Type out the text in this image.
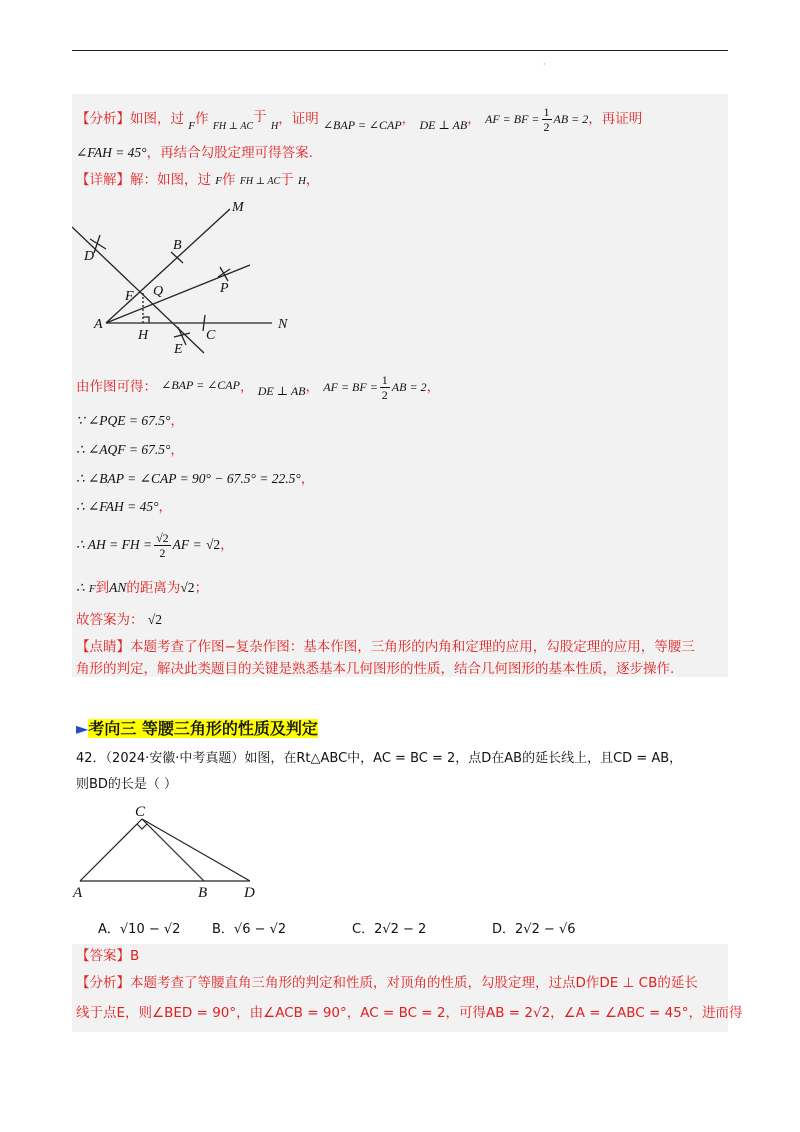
·
【分析】如图，过 $_F$作 $_{FH \perp AC}$于 $_H$，证明 ∠BAP = ∠CAP， DE ⊥ AB， AF = BF = $\frac{1}{2}$ AB = 2，再证明
∠FAH = 45°，再结合勾股定理可得答案.
【详解】解：如图，过 F作 FH ⊥ AC于 H，
M
B
D
F Q	P
A
H	C
N
E
由作图可得： ∠BAP = ∠CAP， DE ⊥ AB， AF = BF = $\frac{1}{2}$ AB = 2，
∵ ∠PQE = 67.5°，
∴ ∠AQF = 67.5°，
∴ ∠BAP = ∠CAP = 90° − 67.5° = 22.5°，
∴ ∠FAH = 45°，
∴ AH = FH = $\frac{√2}{2}$ AF = √2，
∴ F到AN的距离为√2；
故答案为： √2
【点睛】本题考查了作图−复杂作图：基本作图，三角形的内角和定理的应用，勾股定理的应用，等腰三
角形的判定，解决此类题目的关键是熟悉基本几何图形的性质，结合几何图形的基本性质，逐步操作.
►考向三 等腰三角形的性质及判定
42．（2024·安徽·中考真题）如图，在Rt△ABC中，AC = BC = 2，点D在AB的延长线上，且CD = AB，
则BD的长是（ ）
C
A	B D
A．√10 − √2 B．√6 − √2	C．2√2 − 2	D．2√2 − √6
【答案】B
【分析】本题考查了等腰直角三角形的判定和性质，对顶角的性质，勾股定理，过点D作DE ⊥ CB的延长
线于点E，则∠BED = 90°，由∠ACB = 90°，AC = BC = 2，可得AB = 2√2，∠A = ∠ABC = 45°，进而得
